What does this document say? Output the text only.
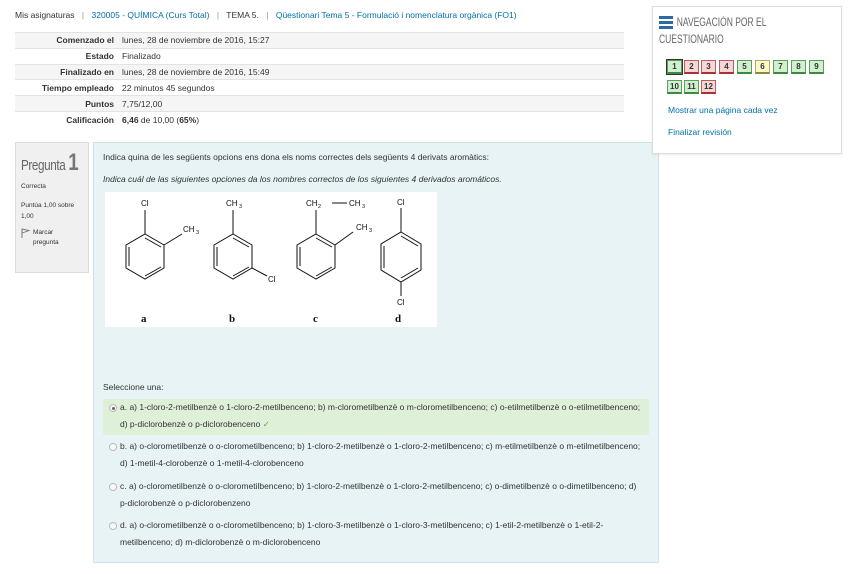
Mis asignaturas | 320005 - QUÍMICA (Curs Total) | TEMA 5. | Qüestionari Tema 5 - Formulació i nomenclatura orgànica (FO1)
Comenzado el	lunes, 28 de noviembre de 2016, 15:27
Estado	Finalizado
Finalizado en	lunes, 28 de noviembre de 2016, 15:49
Tiempo empleado	22 minutos 45 segundos
Puntos	7,75/12,00
Calificación	6,46 de 10,00 (65%)
Pregunta 1
Correcta
Puntúa 1,00 sobre 1,00
Marcar pregunta
Indica quina de les següents opcions ens dona els noms correctes dels següents 4 derivats aromàtics:
Indica cuál de las siguientes opciones da los nombres correctos de los siguientes 4 derivados aromáticos.
Cl
CH 3
CH 3
Cl
CH 2	CH 3
CH 3
Cl
Cl
a	b	c	d
Seleccione una:
a. a) 1-cloro-2-metilbenzè o 1-cloro-2-metilbenceno; b) m-clorometilbenzè o m-clorometilbenceno; c) o-etilmetilbenzè o o-etilmetilbenceno; d) p-diclorobenzè o p-diclorobenceno ✓
b. a) o-clorometilbenzè o o-clorometilbenceno; b) 1-cloro-2-metilbenzè o 1-cloro-2-metilbenceno; c) m-etilmetilbenzè o m-etilmetilbenceno; d) 1-metil-4-clorobenzè o 1-metil-4-clorobenceno
c. a) o-clorometilbenzè o o-clorometilbenceno; b) 1-cloro-2-metilbenzè o 1-cloro-2-metilbenceno; c) o-dimetilbenzè o o-dimetilbenceno; d) p-diclorobenzè o p-diclorobenzeno
d. a) o-clorometilbenzè o o-clorometilbenceno; b) 1-cloro-3-metilbenzè o 1-cloro-3-metilbenceno; c) 1-etil-2-metilbenzè o 1-etil-2-metilbenceno; d) m-diclorobenzè o m-diclorobenceno
NAVEGACIÓN POR EL
CUESTIONARIO
1	2	3	4	5	6	7	8	9
10	11	12
Mostrar una página cada vez
Finalizar revisión
